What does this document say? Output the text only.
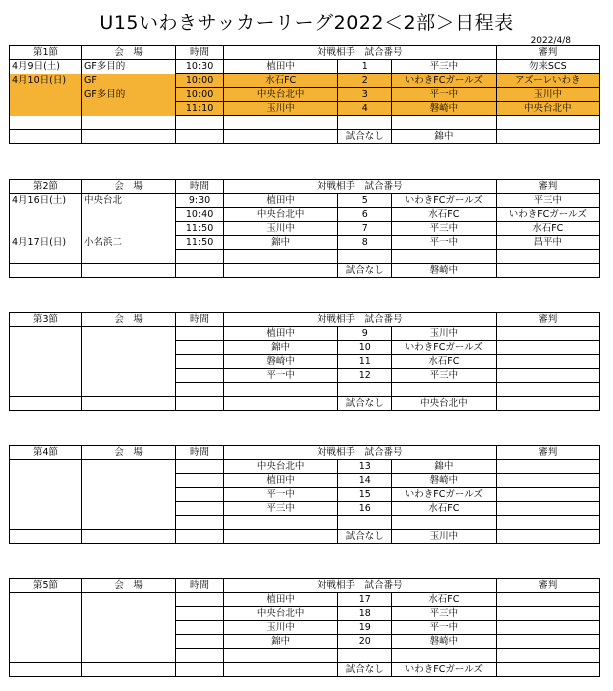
U15いわきサッカーリーグ2022＜2部＞日程表
2022/4/8
第1節	会　場	時間	対戦相手　試合番号			審判
4月9日(土)	GF多目的	10:30	植田中	1	平三中	勿来SCS
4月10日(日)	GF	10:00	水石FC	2	いわきFCガールズ	アズーレいわき
	GF多目的	10:00	中央台北中	3	平一中	玉川中
		11:10	玉川中	4	磐崎中	中央台北中

				試合なし	錦中	
第2節	会　場	時間	対戦相手　試合番号			審判
4月16日(土)	中央台北	9:30	植田中	5	いわきFCガールズ	平三中
		10:40	中央台北中	6	水石FC	いわきFCガールズ
		11:50	玉川中	7	平三中	水石FC
4月17日(日)	小名浜二	11:50	錦中	8	平一中	昌平中

				試合なし	磐崎中	
第3節	会　場	時間	対戦相手　試合番号			審判
			植田中	9	玉川中	
			錦中	10	いわきFCガールズ	
			磐崎中	11	水石FC	
			平一中	12	平三中	

				試合なし	中央台北中	
第4節	会　場	時間	対戦相手　試合番号			審判
			中央台北中	13	錦中	
			植田中	14	磐崎中	
			平一中	15	いわきFCガールズ	
			平三中	16	水石FC	

				試合なし	玉川中	
第5節	会　場	時間	対戦相手　試合番号			審判
			植田中	17	水石FC	
			中央台北中	18	平三中	
			玉川中	19	平一中	
			錦中	20	磐崎中	

				試合なし	いわきFCガールズ	
